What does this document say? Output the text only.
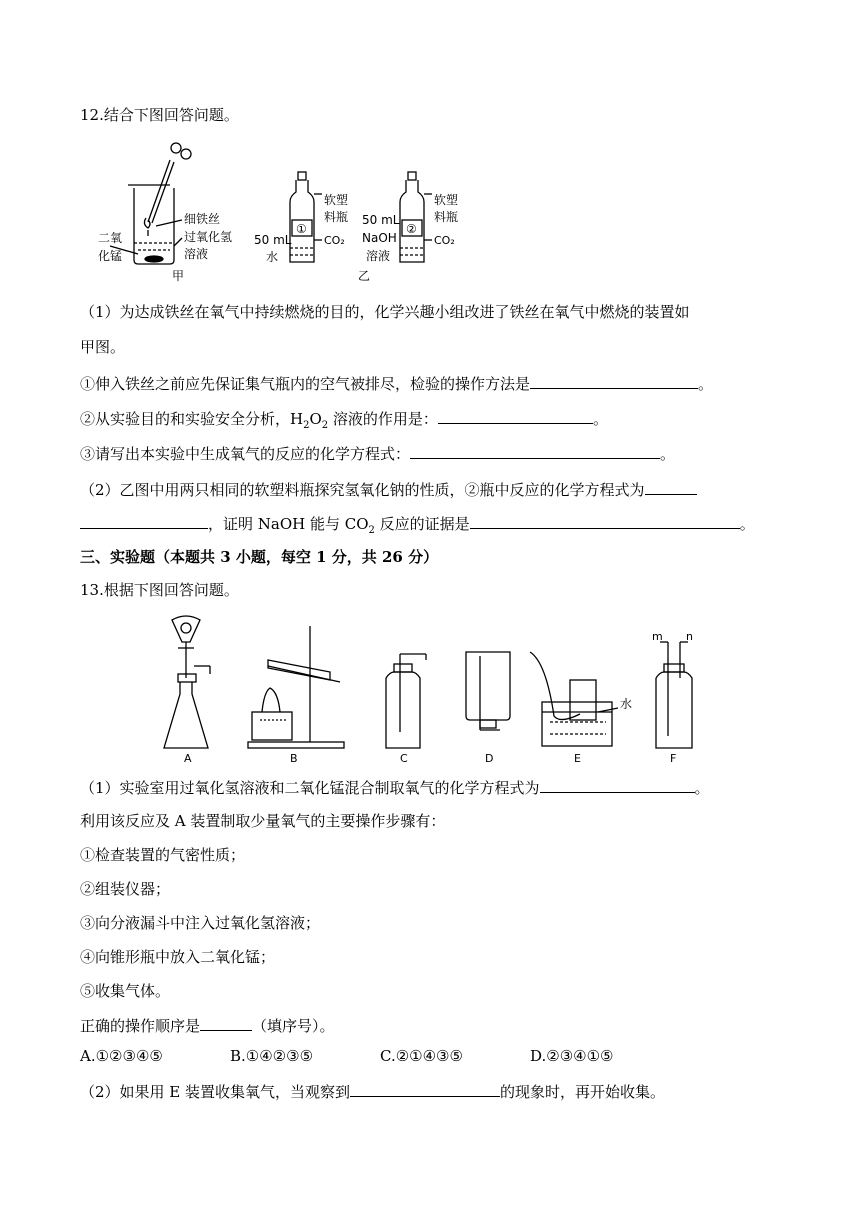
12.结合下图回答问题。
细铁丝
过氧化氢
溶液
二氧
化锰
甲
①
软塑
料瓶
CO₂
50 mL
水
②
软塑
料瓶
CO₂
50 mL
NaOH
溶液
乙
（1）为达成铁丝在氧气中持续燃烧的目的，化学兴趣小组改进了铁丝在氧气中燃烧的装置如
甲图。
①伸入铁丝之前应先保证集气瓶内的空气被排尽，检验的操作方法是	。
②从实验目的和实验安全分析，$H_2O_2$ 溶液的作用是：	。
③请写出本实验中生成氧气的反应的化学方程式：	。
（2）乙图中用两只相同的软塑料瓶探究氢氧化钠的性质，②瓶中反应的化学方程式为
，证明 NaOH 能与 $CO_2$ 反应的证据是	。
三、实验题（本题共 3 小题，每空 1 分，共 26 分）
13.根据下图回答问题。
A	B	C	D	E	F
水
m n
（1）实验室用过氧化氢溶液和二氧化锰混合制取氧气的化学方程式为	。
利用该反应及 A 装置制取少量氧气的主要操作步骤有：
①检查装置的气密性质；
②组装仪器；
③向分液漏斗中注入过氧化氢溶液；
④向锥形瓶中放入二氧化锰；
⑤收集气体。
正确的操作顺序是	（填序号）。
A.①②③④⑤	B.①④②③⑤	C.②①④③⑤	D.②③④①⑤
（2）如果用 E 装置收集氧气，当观察到	的现象时，再开始收集。
